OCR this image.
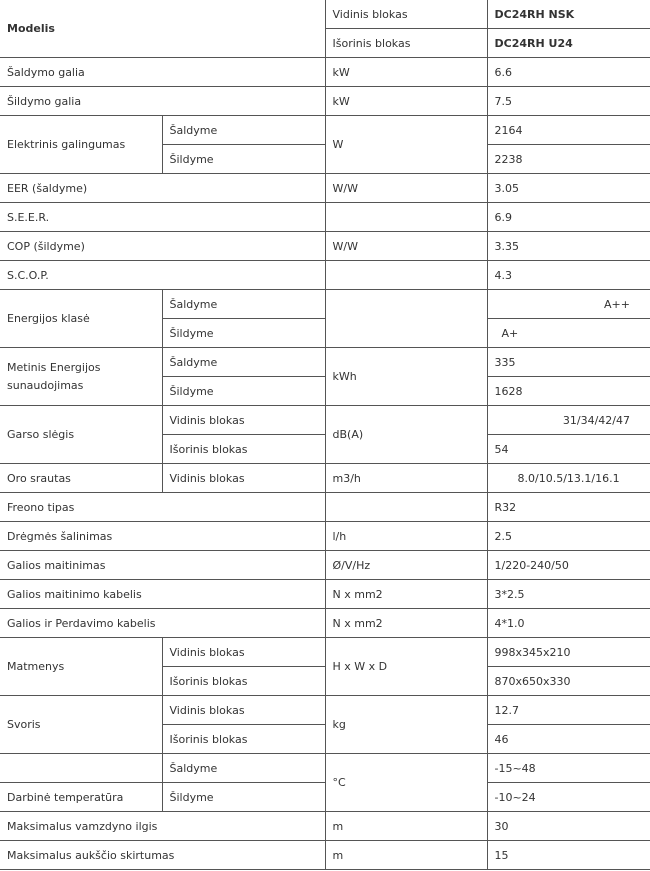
Modelis		Vidinis blokas	DC24RH NSK
		Išorinis blokas	DC24RH U24
Šaldymo galia		kW	6.6
Šildymo galia		kW	7.5
Elektrinis galingumas	Šaldyme	W	2164
	Šildyme		2238
EER (šaldyme)		W/W	3.05
S.E.E.R.			6.9
COP (šildyme)		W/W	3.35
S.C.O.P.			4.3
Energijos klasė	Šaldyme		A++
	Šildyme		A+
Metinis Energijos sunaudojimas	Šaldyme	kWh	335
	Šildyme		1628
Garso slėgis	Vidinis blokas	dB(A)	31/34/42/47
	Išorinis blokas		54
Oro srautas	Vidinis blokas	m3/h	8.0/10.5/13.1/16.1
Freono tipas			R32
Drėgmės šalinimas		l/h	2.5
Galios maitinimas		Ø/V/Hz	1/220-240/50
Galios maitinimo kabelis		N x mm2	3*2.5
Galios ir Perdavimo kabelis		N x mm2	4*1.0
Matmenys	Vidinis blokas	H x W x D	998x345x210
	Išorinis blokas		870x650x330
Svoris	Vidinis blokas	kg	12.7
	Išorinis blokas		46
	Šaldyme	°C	-15~48
Darbinė temperatūra	Šildyme		-10~24
Maksimalus vamzdyno ilgis		m	30
Maksimalus aukščio skirtumas		m	15
